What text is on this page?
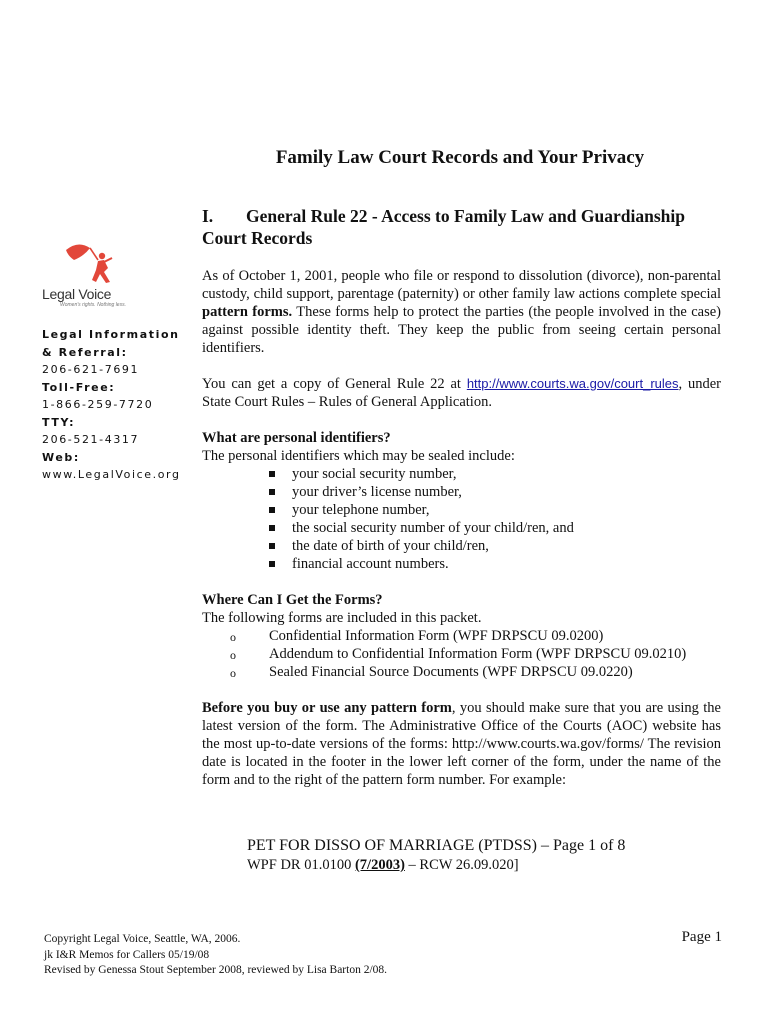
Family Law Court Records and Your Privacy
Legal Voice
Women's rights. Nothing less.
Legal Information
& Referral:
206-621-7691
Toll-Free:
1-866-259-7720
TTY:
206-521-4317
Web:
www.LegalVoice.org
I. General Rule 22 - Access to Family Law and Guardianship
Court Records

As of October 1, 2001, people who file or respond to dissolution (divorce), non-parental custody, child support, parentage (paternity) or other family law actions complete special pattern forms. These forms help to protect the parties (the people involved in the case) against possible identity theft. They keep the public from seeing certain personal identifiers.

You can get a copy of General Rule 22 at http://www.courts.wa.gov/court_rules, under State Court Rules – Rules of General Application.

What are personal identifiers?
The personal identifiers which may be sealed include:
your social security number,
your driver’s license number,
your telephone number,
the social security number of your child/ren, and
the date of birth of your child/ren,
financial account numbers.
Where Can I Get the Forms?
The following forms are included in this packet.
o Confidential Information Form (WPF DRPSCU 09.0200)
o Addendum to Confidential Information Form (WPF DRPSCU 09.0210)
o Sealed Financial Source Documents (WPF DRPSCU 09.0220)

Before you buy or use any pattern form, you should make sure that you are using the latest version of the form. The Administrative Office of the Courts (AOC) website has the most up-to-date versions of the forms: http://www.courts.wa.gov/forms/ The revision date is located in the footer in the lower left corner of the form, under the name of the form and to the right of the pattern form number. For example:

PET FOR DISSO OF MARRIAGE (PTDSS) – Page 1 of 8
WPF DR 01.0100 (7/2003) – RCW 26.09.020]
Copyright Legal Voice, Seattle, WA, 2006.
jk I&R Memos for Callers 05/19/08
Revised by Genessa Stout September 2008, reviewed by Lisa Barton 2/08.
Page 1
